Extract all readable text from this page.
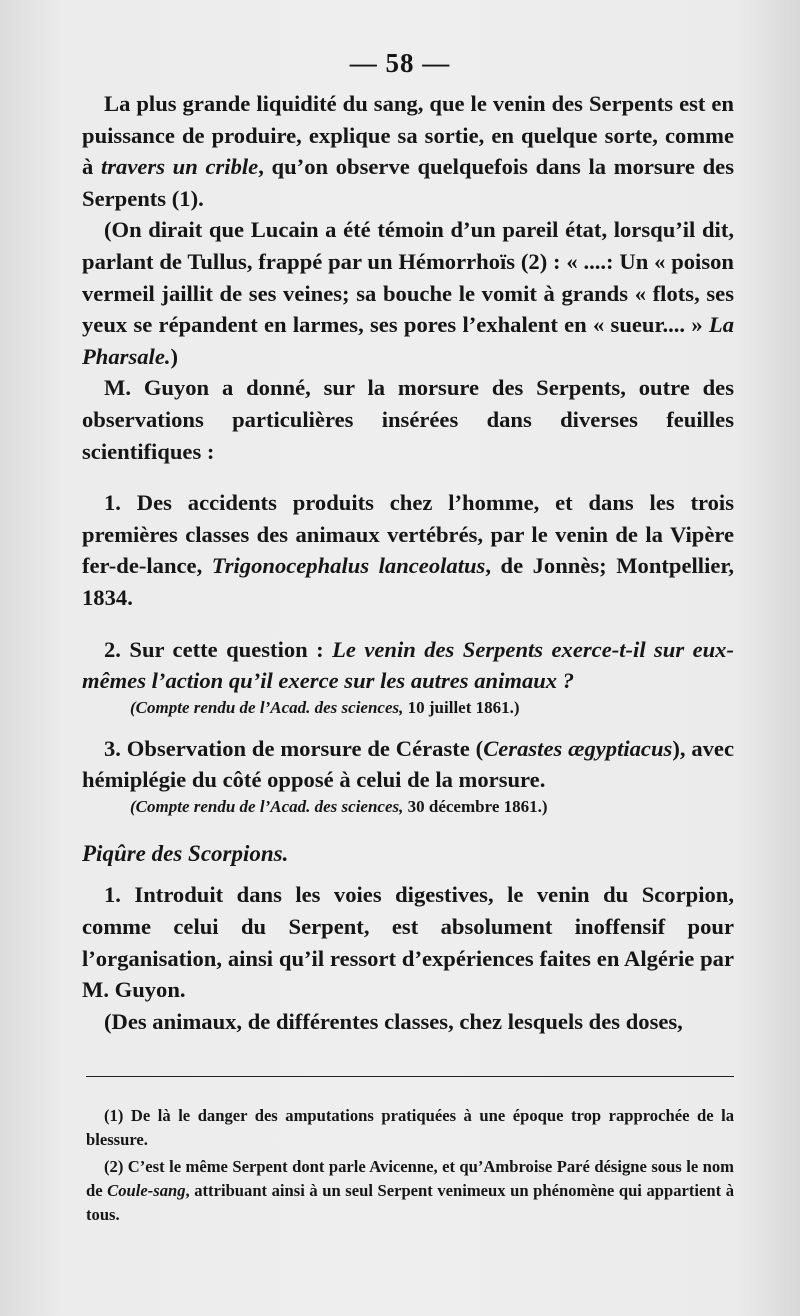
— 58 —

La plus grande liquidité du sang, que le venin des Serpents est en puissance de produire, explique sa sortie, en quelque sorte, comme à travers un crible, qu’on observe quelquefois dans la morsure des Serpents (1).

(On dirait que Lucain a été témoin d’un pareil état, lorsqu’il dit, parlant de Tullus, frappé par un Hémorrhoïs (2) : « ....: Un « poison vermeil jaillit de ses veines; sa bouche le vomit à grands « flots, ses yeux se répandent en larmes, ses pores l’exhalent en « sueur.... » La Pharsale.)

M. Guyon a donné, sur la morsure des Serpents, outre des observations particulières insérées dans diverses feuilles scientifiques :

1. Des accidents produits chez l’homme, et dans les trois premières classes des animaux vertébrés, par le venin de la Vipère fer-de-lance, Trigonocephalus lanceolatus, de Jonnès; Montpellier, 1834.

2. Sur cette question : Le venin des Serpents exerce-t-il sur eux-mêmes l’action qu’il exerce sur les autres animaux ?

(Compte rendu de l’Acad. des sciences, 10 juillet 1861.)

3. Observation de morsure de Céraste (Cerastes ægyptiacus), avec hémiplégie du côté opposé à celui de la morsure.

(Compte rendu de l’Acad. des sciences, 30 décembre 1861.)

Piqûre des Scorpions.

1. Introduit dans les voies digestives, le venin du Scorpion, comme celui du Serpent, est absolument inoffensif pour l’organisation, ainsi qu’il ressort d’expériences faites en Algérie par M. Guyon.

(Des animaux, de différentes classes, chez lesquels des doses,

(1) De là le danger des amputations pratiquées à une époque trop rapprochée de la blessure.

(2) C’est le même Serpent dont parle Avicenne, et qu’Ambroise Paré désigne sous le nom de Coule-sang, attribuant ainsi à un seul Serpent venimeux un phénomène qui appartient à tous.
